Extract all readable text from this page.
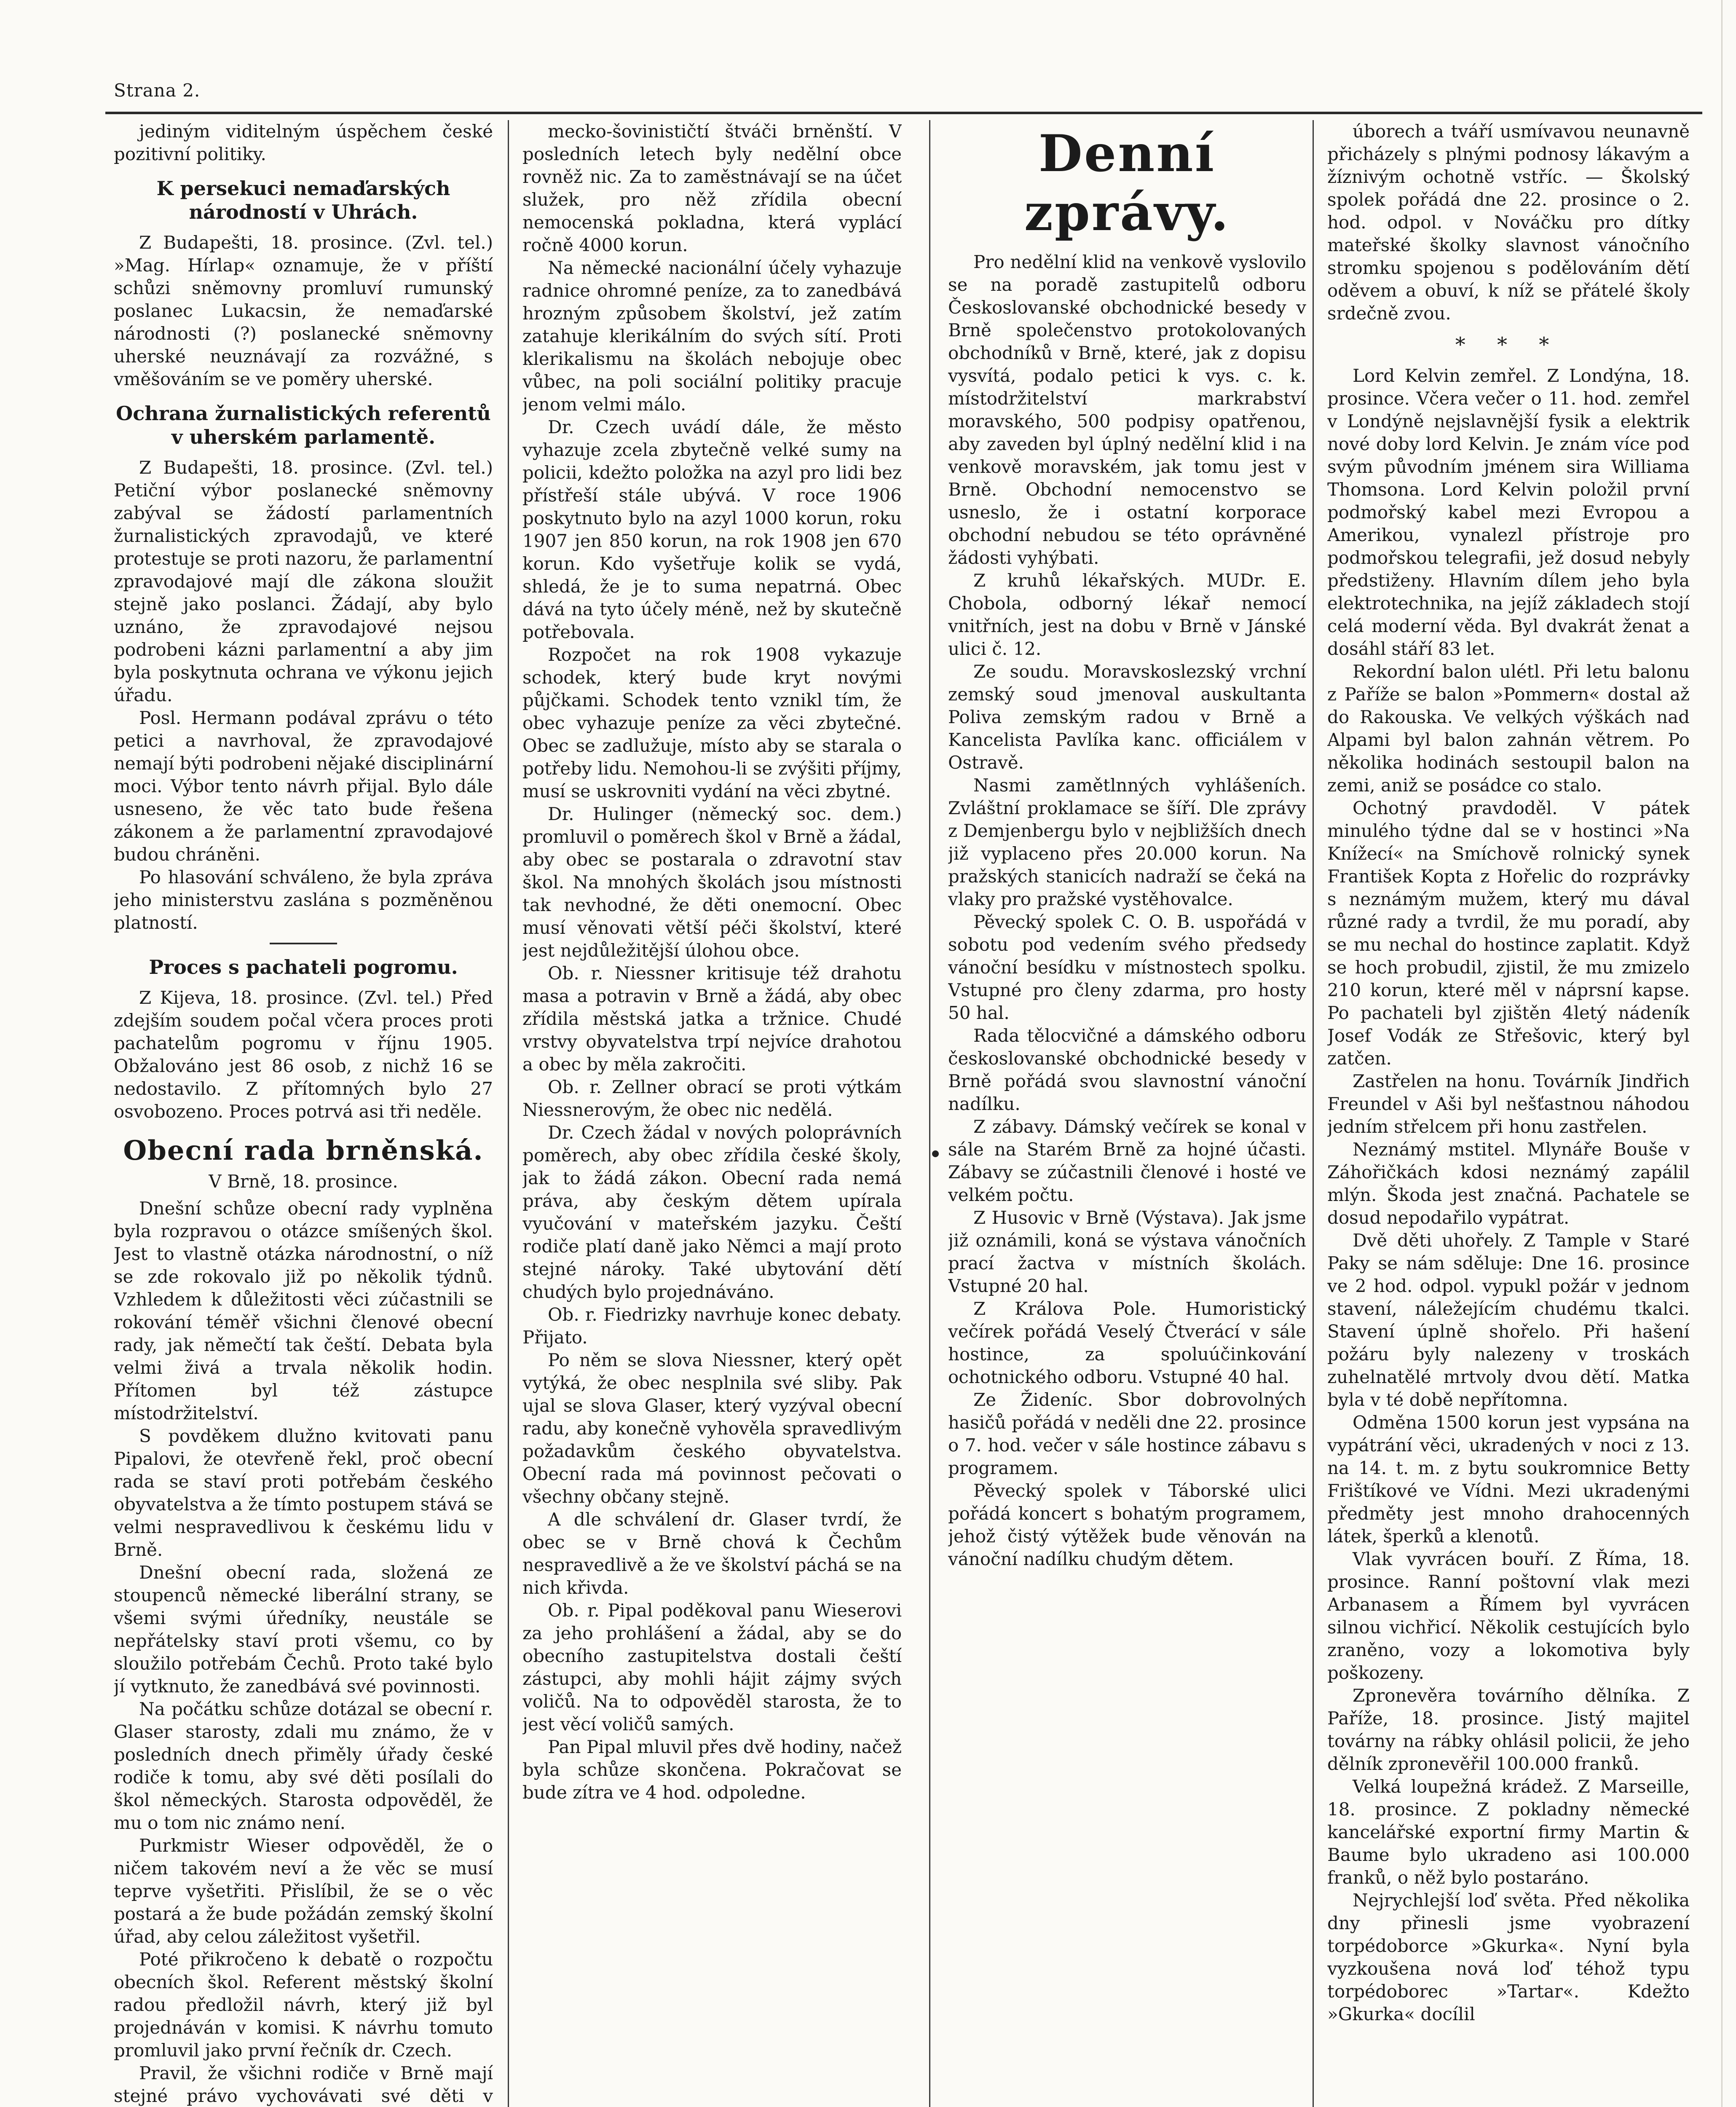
Strana 2.
jediným viditelným úspěchem české pozitivní politiky.
K persekuci nemaďarských národností v Uhrách.
Z Budapešti, 18. prosince. (Zvl. tel.) »Mag. Hírlap« oznamuje, že v příští schůzi sněmovny promluví rumunský poslanec Lukacsin, že nemaďarské národnosti (?) poslanecké sněmovny uherské neuznávají za rozvážné, s vměšováním se ve poměry uherské.
Ochrana žurnalistických referentů v uherském parlamentě.
Z Budapešti, 18. prosince. (Zvl. tel.) Petiční výbor poslanecké sněmovny zabýval se žádostí parlamentních žurnalistických zpravodajů, ve které protestuje se proti nazoru, že parlamentní zpravodajové mají dle zákona sloužit stejně jako poslanci. Žádají, aby bylo uznáno, že zpravodajové nejsou podrobeni kázni parlamentní a aby jim byla poskytnuta ochrana ve výkonu jejich úřadu.
Posl. Hermann podával zprávu o této petici a navrhoval, že zpravodajové nemají býti podrobeni nějaké disciplinární moci. Výbor tento návrh přijal. Bylo dále usneseno, že věc tato bude řešena zákonem a že parlamentní zpravodajové budou chráněni.
Po hlasování schváleno, že byla zpráva jeho ministerstvu zaslána s pozměněnou platností.
Proces s pachateli pogromu.
Z Kijeva, 18. prosince. (Zvl. tel.) Před zdejším soudem počal včera proces proti pachatelům pogromu v říjnu 1905. Obžalováno jest 86 osob, z nichž 16 se nedostavilo. Z přítomných bylo 27 osvobozeno. Proces potrvá asi tři neděle.
Obecní rada brněnská.
V Brně, 18. prosince.
Dnešní schůze obecní rady vyplněna byla rozpravou o otázce smíšených škol. Jest to vlastně otázka národnostní, o níž se zde rokovalo již po několik týdnů. Vzhledem k důležitosti věci zúčastnili se rokování téměř všichni členové obecní rady, jak němečtí tak čeští. Debata byla velmi živá a trvala několik hodin. Přítomen byl též zástupce místodržitelství.
S povděkem dlužno kvitovati panu Pipalovi, že otevřeně řekl, proč obecní rada se staví proti potřebám českého obyvatelstva a že tímto postupem stává se velmi nespravedlivou k českému lidu v Brně.
Dnešní obecní rada, složená ze stoupenců německé liberální strany, se všemi svými úředníky, neustále se nepřátelsky staví proti všemu, co by sloužilo potřebám Čechů. Proto také bylo jí vytknuto, že zanedbává své povinnosti.
Na počátku schůze dotázal se obecní r. Glaser starosty, zdali mu známo, že v posledních dnech přiměly úřady české rodiče k tomu, aby své děti posílali do škol německých. Starosta odpověděl, že mu o tom nic známo není.
Purkmistr Wieser odpověděl, že o ničem takovém neví a že věc se musí teprve vyšetřiti. Přislíbil, že se o věc postará a že bude požádán zemský školní úřad, aby celou záležitost vyšetřil.
Poté přikročeno k debatě o rozpočtu obecních škol. Referent městský školní radou předložil návrh, který již byl projednáván v komisi. K návrhu tomuto promluvil jako první řečník dr. Czech.
Pravil, že všichni rodiče v Brně mají stejné právo vychovávati své děti v
mecko-šovinističtí štváči brněnští. V posledních letech byly nedělní obce rovněž nic. Za to zaměstnávají se na účet služek, pro něž zřídila obecní nemocenská pokladna, která vyplácí ročně 4000 korun.
Na německé nacionální účely vyhazuje radnice ohromné peníze, za to zanedbává hrozným způsobem školství, jež zatím zatahuje klerikálním do svých sítí. Proti klerikalismu na školách nebojuje obec vůbec, na poli sociální politiky pracuje jenom velmi málo.
Dr. Czech uvádí dále, že město vyhazuje zcela zbytečně velké sumy na policii, kdežto položka na azyl pro lidi bez přístřeší stále ubývá. V roce 1906 poskytnuto bylo na azyl 1000 korun, roku 1907 jen 850 korun, na rok 1908 jen 670 korun. Kdo vyšetřuje kolik se vydá, shledá, že je to suma nepatrná. Obec dává na tyto účely méně, než by skutečně potřebovala.
Rozpočet na rok 1908 vykazuje schodek, který bude kryt novými půjčkami. Schodek tento vznikl tím, že obec vyhazuje peníze za věci zbytečné. Obec se zadlužuje, místo aby se starala o potřeby lidu. Nemohou-li se zvýšiti příjmy, musí se uskrovniti vydání na věci zbytné.
Dr. Hulinger (německý soc. dem.) promluvil o poměrech škol v Brně a žádal, aby obec se postarala o zdravotní stav škol. Na mnohých školách jsou místnosti tak nevhodné, že děti onemocní. Obec musí věnovati větší péči školství, které jest nejdůležitější úlohou obce.
Ob. r. Niessner kritisuje též drahotu masa a potravin v Brně a žádá, aby obec zřídila městská jatka a tržnice. Chudé vrstvy obyvatelstva trpí nejvíce drahotou a obec by měla zakročiti.
Ob. r. Zellner obrací se proti výtkám Niessnerovým, že obec nic nedělá.
Dr. Czech žádal v nových poloprávních poměrech, aby obec zřídila české školy, jak to žádá zákon. Obecní rada nemá práva, aby českým dětem upírala vyučování v mateřském jazyku. Čeští rodiče platí daně jako Němci a mají proto stejné nároky. Také ubytování dětí chudých bylo projednáváno.
Ob. r. Fiedrizky navrhuje konec debaty. Přijato.
Po něm se slova Niessner, který opět vytýká, že obec nesplnila své sliby. Pak ujal se slova Glaser, který vyzýval obecní radu, aby konečně vyhověla spravedlivým požadavkům českého obyvatelstva. Obecní rada má povinnost pečovati o všechny občany stejně.
A dle schválení dr. Glaser tvrdí, že obec se v Brně chová k Čechům nespravedlivě a že ve školství páchá se na nich křivda.
Ob. r. Pipal poděkoval panu Wieserovi za jeho prohlášení a žádal, aby se do obecního zastupitelstva dostali čeští zástupci, aby mohli hájit zájmy svých voličů. Na to odpověděl starosta, že to jest věcí voličů samých.
Pan Pipal mluvil přes dvě hodiny, načež byla schůze skončena. Pokračovat se bude zítra ve 4 hod. odpoledne.
Denní zprávy.
Pro nedělní klid na venkově vyslovilo se na poradě zastupitelů odboru Českoslovanské obchodnické besedy v Brně společenstvo protokolovaných obchodníků v Brně, které, jak z dopisu vysvítá, podalo petici k vys. c. k. místodržitelství markrabství moravského, 500 podpisy opatřenou, aby zaveden byl úplný nedělní klid i na venkově moravském, jak tomu jest v Brně. Obchodní nemocenstvo se usneslo, že i ostatní korporace obchodní nebudou se této oprávněné žádosti vyhýbati.
Z kruhů lékařských. MUDr. E. Chobola, odborný lékař nemocí vnitřních, jest na dobu v Brně v Jánské ulici č. 12.
Ze soudu. Moravskoslezský vrchní zemský soud jmenoval auskultanta Poliva zemským radou v Brně a Kancelista Pavlíka kanc. officiálem v Ostravě.
Nasmi zamětlnných vyhlášeních. Zvláštní proklamace se šíří. Dle zprávy z Demjenbergu bylo v nejbližších dnech již vyplaceno přes 20.000 korun. Na pražských stanicích nadraží se čeká na vlaky pro pražské vystěhovalce.
Pěvecký spolek C. O. B. uspořádá v sobotu pod vedením svého předsedy vánoční besídku v místnostech spolku. Vstupné pro členy zdarma, pro hosty 50 hal.
Rada tělocvičné a dámského odboru českoslovanské obchodnické besedy v Brně pořádá svou slavnostní vánoční nadílku.
Z zábavy. Dámský večírek se konal v sále na Starém Brně za hojné účasti. Zábavy se zúčastnili členové i hosté ve velkém počtu.
Z Husovic v Brně (Výstava). Jak jsme již oznámili, koná se výstava vánočních prací žactva v místních školách. Vstupné 20 hal.
Z Králova Pole. Humoristický večírek pořádá Veselý Čtverácí v sále hostince, za spoluúčinkování ochotnického odboru. Vstupné 40 hal.
Ze Žideníc. Sbor dobrovolných hasičů pořádá v neděli dne 22. prosince o 7. hod. večer v sále hostince zábavu s programem.
Pěvecký spolek v Táborské ulici pořádá koncert s bohatým programem, jehož čistý výtěžek bude věnován na vánoční nadílku chudým dětem.
úborech a tváří usmívavou neunavně přicházely s plnými podnosy lákavým a žíznivým ochotně vstříc. — Školský spolek pořádá dne 22. prosince o 2. hod. odpol. v Nováčku pro dítky mateřské školky slavnost vánočního stromku spojenou s podělováním dětí oděvem a obuví, k níž se přátelé školy srdečně zvou.
* * *
Lord Kelvin zemřel. Z Londýna, 18. prosince. Včera večer o 11. hod. zemřel v Londýně nejslavnější fysik a elektrik nové doby lord Kelvin. Je znám více pod svým původním jménem sira Williama Thomsona. Lord Kelvin položil první podmořský kabel mezi Evropou a Amerikou, vynalezl přístroje pro podmořskou telegrafii, jež dosud nebyly předstiženy. Hlavním dílem jeho byla elektrotechnika, na jejíž základech stojí celá moderní věda. Byl dvakrát ženat a dosáhl stáří 83 let.
Rekordní balon ulétl. Při letu balonu z Paříže se balon »Pommern« dostal až do Rakouska. Ve velkých výškách nad Alpami byl balon zahnán větrem. Po několika hodinách sestoupil balon na zemi, aniž se posádce co stalo.
Ochotný pravdoděl. V pátek minulého týdne dal se v hostinci »Na Knížecí« na Smíchově rolnický synek František Kopta z Hořelic do rozprávky s neznámým mužem, který mu dával různé rady a tvrdil, že mu poradí, aby se mu nechal do hostince zaplatit. Když se hoch probudil, zjistil, že mu zmizelo 210 korun, které měl v náprsní kapse. Po pachateli byl zjištěn 4letý nádeník Josef Vodák ze Střešovic, který byl zatčen.
Zastřelen na honu. Továrník Jindřich Freundel v Aši byl nešťastnou náhodou jedním střelcem při honu zastřelen.
Neznámý mstitel. Mlynáře Bouše v Záhořičkách kdosi neznámý zapálil mlýn. Škoda jest značná. Pachatele se dosud nepodařilo vypátrat.
Dvě děti uhořely. Z Tample v Staré Paky se nám sděluje: Dne 16. prosince ve 2 hod. odpol. vypukl požár v jednom stavení, náležejícím chudému tkalci. Stavení úplně shořelo. Při hašení požáru byly nalezeny v troskách zuhelnatělé mrtvoly dvou dětí. Matka byla v té době nepřítomna.
Odměna 1500 korun jest vypsána na vypátrání věci, ukradených v noci z 13. na 14. t. m. z bytu soukromnice Betty Frištíkové ve Vídni. Mezi ukradenými předměty jest mnoho drahocenných látek, šperků a klenotů.
Vlak vyvrácen bouří. Z Říma, 18. prosince. Ranní poštovní vlak mezi Arbanasem a Římem byl vyvrácen silnou vichřicí. Několik cestujících bylo zraněno, vozy a lokomotiva byly poškozeny.
Zpronevěra továrního dělníka. Z Paříže, 18. prosince. Jistý majitel továrny na rábky ohlásil policii, že jeho dělník zpronevěřil 100.000 franků.
Velká loupežná krádež. Z Marseille, 18. prosince. Z pokladny německé kancelářské exportní firmy Martin & Baume bylo ukradeno asi 100.000 franků, o něž bylo postaráno.
Nejrychlejší loď světa. Před několika dny přinesli jsme vyobrazení torpédoborce »Gkurka«. Nyní byla vyzkoušena nová loď téhož typu torpédoborec »Tartar«. Kdežto »Gkurka« docílil
